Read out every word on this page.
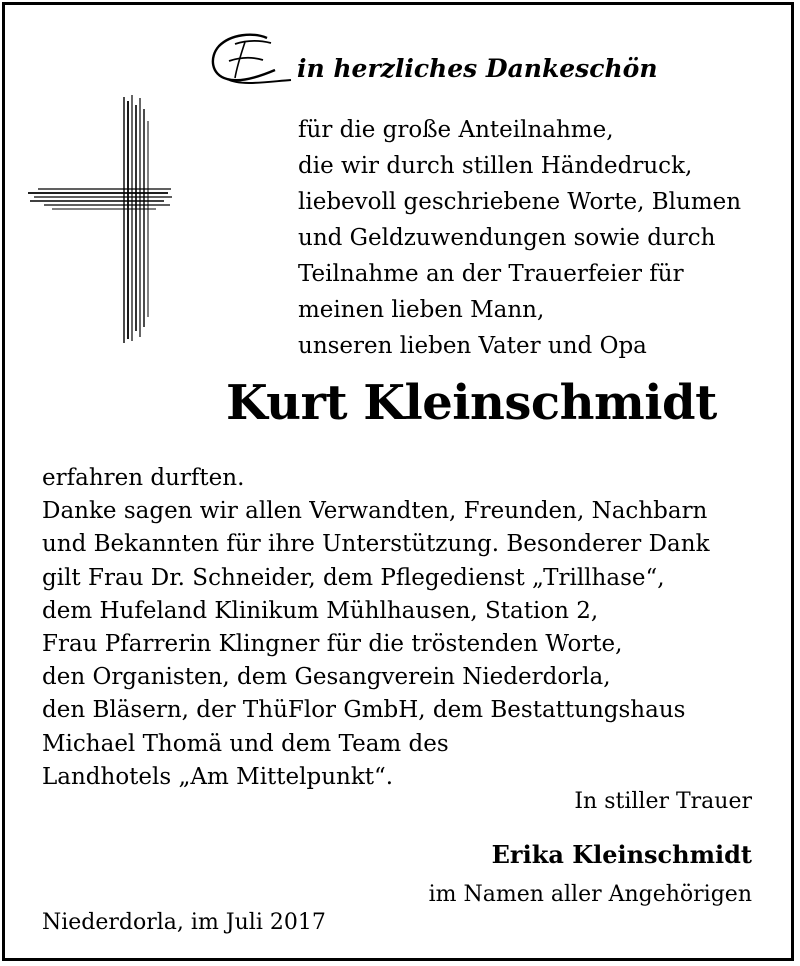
in herzliches Dankeschön
für die große Anteilnahme,
die wir durch stillen Händedruck,
liebevoll geschriebene Worte, Blumen
und Geldzuwendungen sowie durch
Teilnahme an der Trauerfeier für
meinen lieben Mann,
unseren lieben Vater und Opa
Kurt Kleinschmidt
erfahren durften.
Danke sagen wir allen Verwandten, Freunden, Nachbarn
und Bekannten für ihre Unterstützung. Besonderer Dank
gilt Frau Dr. Schneider, dem Pflegedienst „Trillhase“,
dem Hufeland Klinikum Mühlhausen, Station 2,
Frau Pfarrerin Klingner für die tröstenden Worte,
den Organisten, dem Gesangverein Niederdorla,
den Bläsern, der ThüFlor GmbH, dem Bestattungshaus
Michael Thomä und dem Team des
Landhotels „Am Mittelpunkt“.
In stiller Trauer
Erika Kleinschmidt
im Namen aller Angehörigen
Niederdorla, im Juli 2017
